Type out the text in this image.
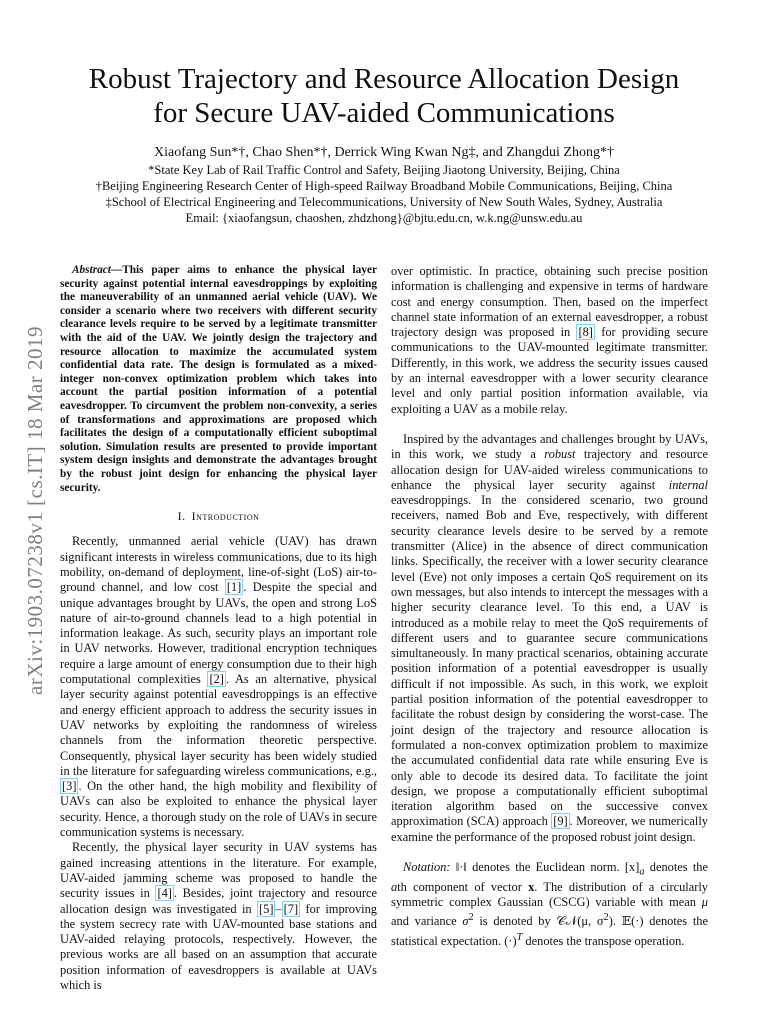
arXiv:1903.07238v1 [cs.IT] 18 Mar 2019
Robust Trajectory and Resource Allocation Design
for Secure UAV-aided Communications
Xiaofang Sun*†, Chao Shen*†, Derrick Wing Kwan Ng‡, and Zhangdui Zhong*†

*State Key Lab of Rail Traffic Control and Safety, Beijing Jiaotong University, Beijing, China

†Beijing Engineering Research Center of High-speed Railway Broadband Mobile Communications, Beijing, China

‡School of Electrical Engineering and Telecommunications, University of New South Wales, Sydney, Australia

Email: {xiaofangsun, chaoshen, zhdzhong}@bjtu.edu.cn, w.k.ng@unsw.edu.au

Abstract—This paper aims to enhance the physical layer security against potential internal eavesdroppings by exploiting the maneuverability of an unmanned aerial vehicle (UAV). We consider a scenario where two receivers with different security clearance levels require to be served by a legitimate transmitter with the aid of the UAV. We jointly design the trajectory and resource allocation to maximize the accumulated system confidential data rate. The design is formulated as a mixed-integer non-convex optimization problem which takes into account the partial position information of a potential eavesdropper. To circumvent the problem non-convexity, a series of transformations and approximations are proposed which facilitates the design of a computationally efficient suboptimal solution. Simulation results are presented to provide important system design insights and demonstrate the advantages brought by the robust joint design for enhancing the physical layer security.

I. Introduction

Recently, unmanned aerial vehicle (UAV) has drawn significant interests in wireless communications, due to its high mobility, on-demand of deployment, line-of-sight (LoS) air-to-ground channel, and low cost [1] . Despite the special and unique advantages brought by UAVs, the open and strong LoS nature of air-to-ground channels lead to a high potential in information leakage. As such, security plays an important role in UAV networks. However, traditional encryption techniques require a large amount of energy consumption due to their high computational complexities [2] . As an alternative, physical layer security against potential eavesdroppings is an effective and energy efficient approach to address the security issues in UAV networks by exploiting the randomness of wireless channels from the information theoretic perspective. Consequently, physical layer security has been widely studied in the literature for safeguarding wireless communications, e.g., [3] . On the other hand, the high mobility and flexibility of UAVs can also be exploited to enhance the physical layer security. Hence, a thorough study on the role of UAVs in secure communication systems is necessary.

Recently, the physical layer security in UAV systems has gained increasing attentions in the literature. For example, UAV-aided jamming scheme was proposed to handle the security issues in [4] . Besides, joint trajectory and resource allocation design was investigated in [5] – [7] for improving the system secrecy rate with UAV-mounted base stations and UAV-aided relaying protocols, respectively. However, the previous works are all based on an assumption that accurate position information of eavesdroppers is available at UAVs which is

over optimistic. In practice, obtaining such precise position information is challenging and expensive in terms of hardware cost and energy consumption. Then, based on the imperfect channel state information of an external eavesdropper, a robust trajectory design was proposed in [8] for providing secure communications to the UAV-mounted legitimate transmitter. Differently, in this work, we address the security issues caused by an internal eavesdropper with a lower security clearance level and only partial position information available, via exploiting a UAV as a mobile relay.

Inspired by the advantages and challenges brought by UAVs, in this work, we study a robust trajectory and resource allocation design for UAV-aided wireless communications to enhance the physical layer security against internal eavesdroppings. In the considered scenario, two ground receivers, named Bob and Eve, respectively, with different security clearance levels desire to be served by a remote transmitter (Alice) in the absence of direct communication links. Specifically, the receiver with a lower security clearance level (Eve) not only imposes a certain QoS requirement on its own messages, but also intends to intercept the messages with a higher security clearance level. To this end, a UAV is introduced as a mobile relay to meet the QoS requirements of different users and to guarantee secure communications simultaneously. In many practical scenarios, obtaining accurate position information of a potential eavesdropper is usually difficult if not impossible. As such, in this work, we exploit partial position information of the potential eavesdropper to facilitate the robust design by considering the worst-case. The joint design of the trajectory and resource allocation is formulated a non-convex optimization problem to maximize the accumulated confidential data rate while ensuring Eve is only able to decode its desired data. To facilitate the joint design, we propose a computationally efficient suboptimal iteration algorithm based on the successive convex approximation (SCA) approach [9] . Moreover, we numerically examine the performance of the proposed robust joint design.

Notation: ‖·‖ denotes the Euclidean norm. $[x]_a$ denotes the ath component of vector x. The distribution of a circularly symmetric complex Gaussian (CSCG) variable with mean μ and variance $\sigma^2$ is denoted by 𝒞𝒩(μ, $\sigma^2$). 𝔼(·) denotes the statistical expectation. $(\cdot)^T$ denotes the transpose operation.
